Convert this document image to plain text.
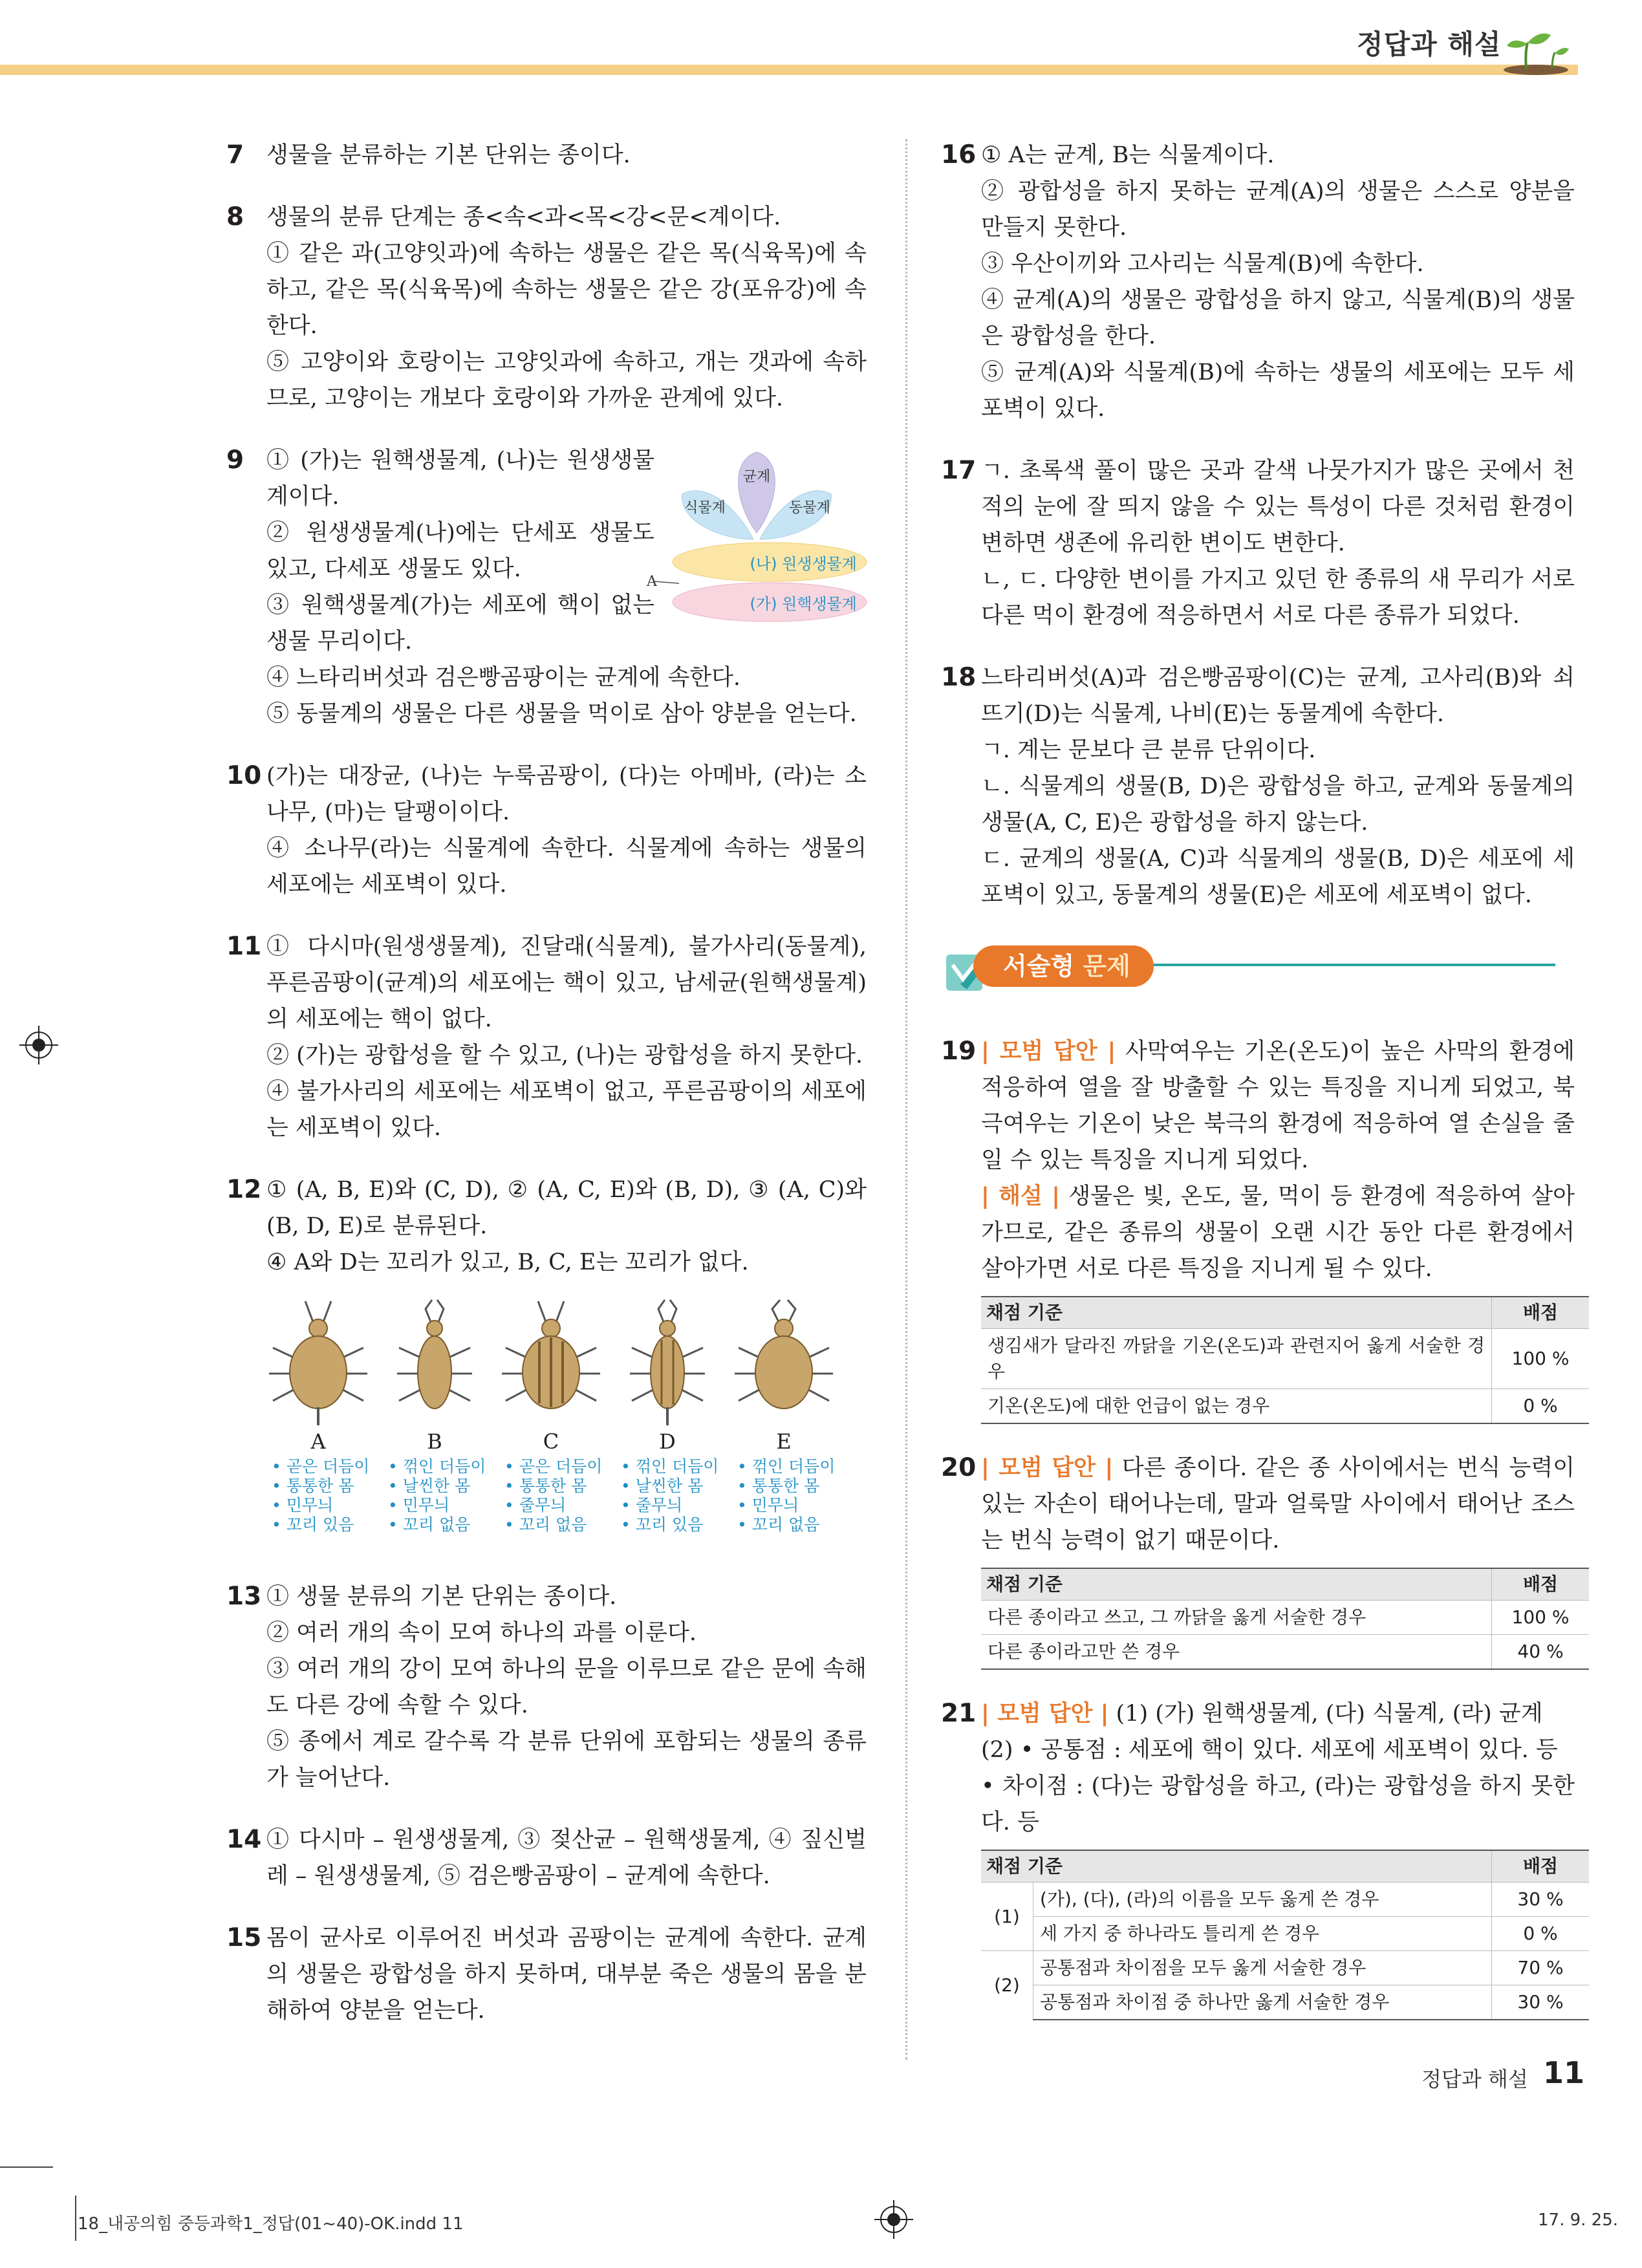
정답과 해설
7 생물을 분류하는 기본 단위는 종이다.
8 생물의 분류 단계는 종<속<과<목<강<문<계이다.
① 같은 과(고양잇과)에 속하는 생물은 같은 목(식육목)에 속하고, 같은 목(식육목)에 속하는 생물은 같은 강(포유강)에 속한다.
⑤ 고양이와 호랑이는 고양잇과에 속하고, 개는 갯과에 속하므로, 고양이는 개보다 호랑이와 가까운 관계에 있다.
9 ① (가)는 원핵생물계, (나)는 원생생물계이다.
② 원생생물계(나)에는 단세포 생물도 있고, 다세포 생물도 있다.
③ 원핵생물계(가)는 세포에 핵이 없는 생물 무리이다.
④ 느타리버섯과 검은빵곰팡이는 균계에 속한다.
⑤ 동물계의 생물은 다른 생물을 먹이로 삼아 양분을 얻는다.
균계
식물계	동물계
A
(나) 원생생물계
(가) 원핵생물계
10 (가)는 대장균, (나)는 누룩곰팡이, (다)는 아메바, (라)는 소나무, (마)는 달팽이이다.
④ 소나무(라)는 식물계에 속한다. 식물계에 속하는 생물의 세포에는 세포벽이 있다.
11 ① 다시마(원생생물계), 진달래(식물계), 불가사리(동물계), 푸른곰팡이(균계)의 세포에는 핵이 있고, 남세균(원핵생물계)의 세포에는 핵이 없다.
② (가)는 광합성을 할 수 있고, (나)는 광합성을 하지 못한다.
④ 불가사리의 세포에는 세포벽이 없고, 푸른곰팡이의 세포에는 세포벽이 있다.
12 ① (A, B, E)와 (C, D), ② (A, C, E)와 (B, D), ③ (A, C)와 (B, D, E)로 분류된다.
④ A와 D는 꼬리가 있고, B, C, E는 꼬리가 없다.
A	B	C	D	E
• 곧은 더듬이
• 통통한 몸
• 민무늬
• 꼬리 있음
• 꺾인 더듬이
• 날씬한 몸
• 민무늬
• 꼬리 없음
• 곧은 더듬이
• 통통한 몸
• 줄무늬
• 꼬리 없음
• 꺾인 더듬이
• 날씬한 몸
• 줄무늬
• 꼬리 있음
• 꺾인 더듬이
• 통통한 몸
• 민무늬
• 꼬리 없음
13 ① 생물 분류의 기본 단위는 종이다.
② 여러 개의 속이 모여 하나의 과를 이룬다.
③ 여러 개의 강이 모여 하나의 문을 이루므로 같은 문에 속해도 다른 강에 속할 수 있다.
⑤ 종에서 계로 갈수록 각 분류 단위에 포함되는 생물의 종류가 늘어난다.
14 ① 다시마 – 원생생물계, ③ 젖산균 – 원핵생물계, ④ 짚신벌레 – 원생생물계, ⑤ 검은빵곰팡이 – 균계에 속한다.
15 몸이 균사로 이루어진 버섯과 곰팡이는 균계에 속한다. 균계의 생물은 광합성을 하지 못하며, 대부분 죽은 생물의 몸을 분해하여 양분을 얻는다.
16 ① A는 균계, B는 식물계이다.
② 광합성을 하지 못하는 균계(A)의 생물은 스스로 양분을 만들지 못한다.
③ 우산이끼와 고사리는 식물계(B)에 속한다.
④ 균계(A)의 생물은 광합성을 하지 않고, 식물계(B)의 생물은 광합성을 한다.
⑤ 균계(A)와 식물계(B)에 속하는 생물의 세포에는 모두 세포벽이 있다.
17 ㄱ. 초록색 풀이 많은 곳과 갈색 나뭇가지가 많은 곳에서 천적의 눈에 잘 띄지 않을 수 있는 특성이 다른 것처럼 환경이 변하면 생존에 유리한 변이도 변한다.
ㄴ, ㄷ. 다양한 변이를 가지고 있던 한 종류의 새 무리가 서로 다른 먹이 환경에 적응하면서 서로 다른 종류가 되었다.
18 느타리버섯(A)과 검은빵곰팡이(C)는 균계, 고사리(B)와 쇠뜨기(D)는 식물계, 나비(E)는 동물계에 속한다.
ㄱ. 계는 문보다 큰 분류 단위이다.
ㄴ. 식물계의 생물(B, D)은 광합성을 하고, 균계와 동물계의 생물(A, C, E)은 광합성을 하지 않는다.
ㄷ. 균계의 생물(A, C)과 식물계의 생물(B, D)은 세포에 세포벽이 있고, 동물계의 생물(E)은 세포에 세포벽이 없다.
서술형 문제
19 | 모범 답안 | 사막여우는 기온(온도)이 높은 사막의 환경에 적응하여 열을 잘 방출할 수 있는 특징을 지니게 되었고, 북극여우는 기온이 낮은 북극의 환경에 적응하여 열 손실을 줄일 수 있는 특징을 지니게 되었다.
| 해설 | 생물은 빛, 온도, 물, 먹이 등 환경에 적응하여 살아가므로, 같은 종류의 생물이 오랜 시간 동안 다른 환경에서 살아가면 서로 다른 특징을 지니게 될 수 있다.
채점 기준	배점
생김새가 달라진 까닭을 기온(온도)과 관련지어 옳게 서술한 경우	100 %
기온(온도)에 대한 언급이 없는 경우	0 %
20 | 모범 답안 | 다른 종이다. 같은 종 사이에서는 번식 능력이 있는 자손이 태어나는데, 말과 얼룩말 사이에서 태어난 조스는 번식 능력이 없기 때문이다.
채점 기준	배점
다른 종이라고 쓰고, 그 까닭을 옳게 서술한 경우	100 %
다른 종이라고만 쓴 경우	40 %
21 | 모범 답안 | (1) (가) 원핵생물계, (다) 식물계, (라) 균계
(2) • 공통점 : 세포에 핵이 있다. 세포에 세포벽이 있다. 등
• 차이점 : (다)는 광합성을 하고, (라)는 광합성을 하지 못한다. 등
채점 기준		배점
(1)	(가), (다), (라)의 이름을 모두 옳게 쓴 경우	30 %
	세 가지 중 하나라도 틀리게 쓴 경우	0 %
(2)	공통점과 차이점을 모두 옳게 서술한 경우	70 %
	공통점과 차이점 중 하나만 옳게 서술한 경우	30 %
정답과 해설 11
18_내공의힘 중등과학1_정답(01~40)-OK.indd 11	17. 9. 25.
